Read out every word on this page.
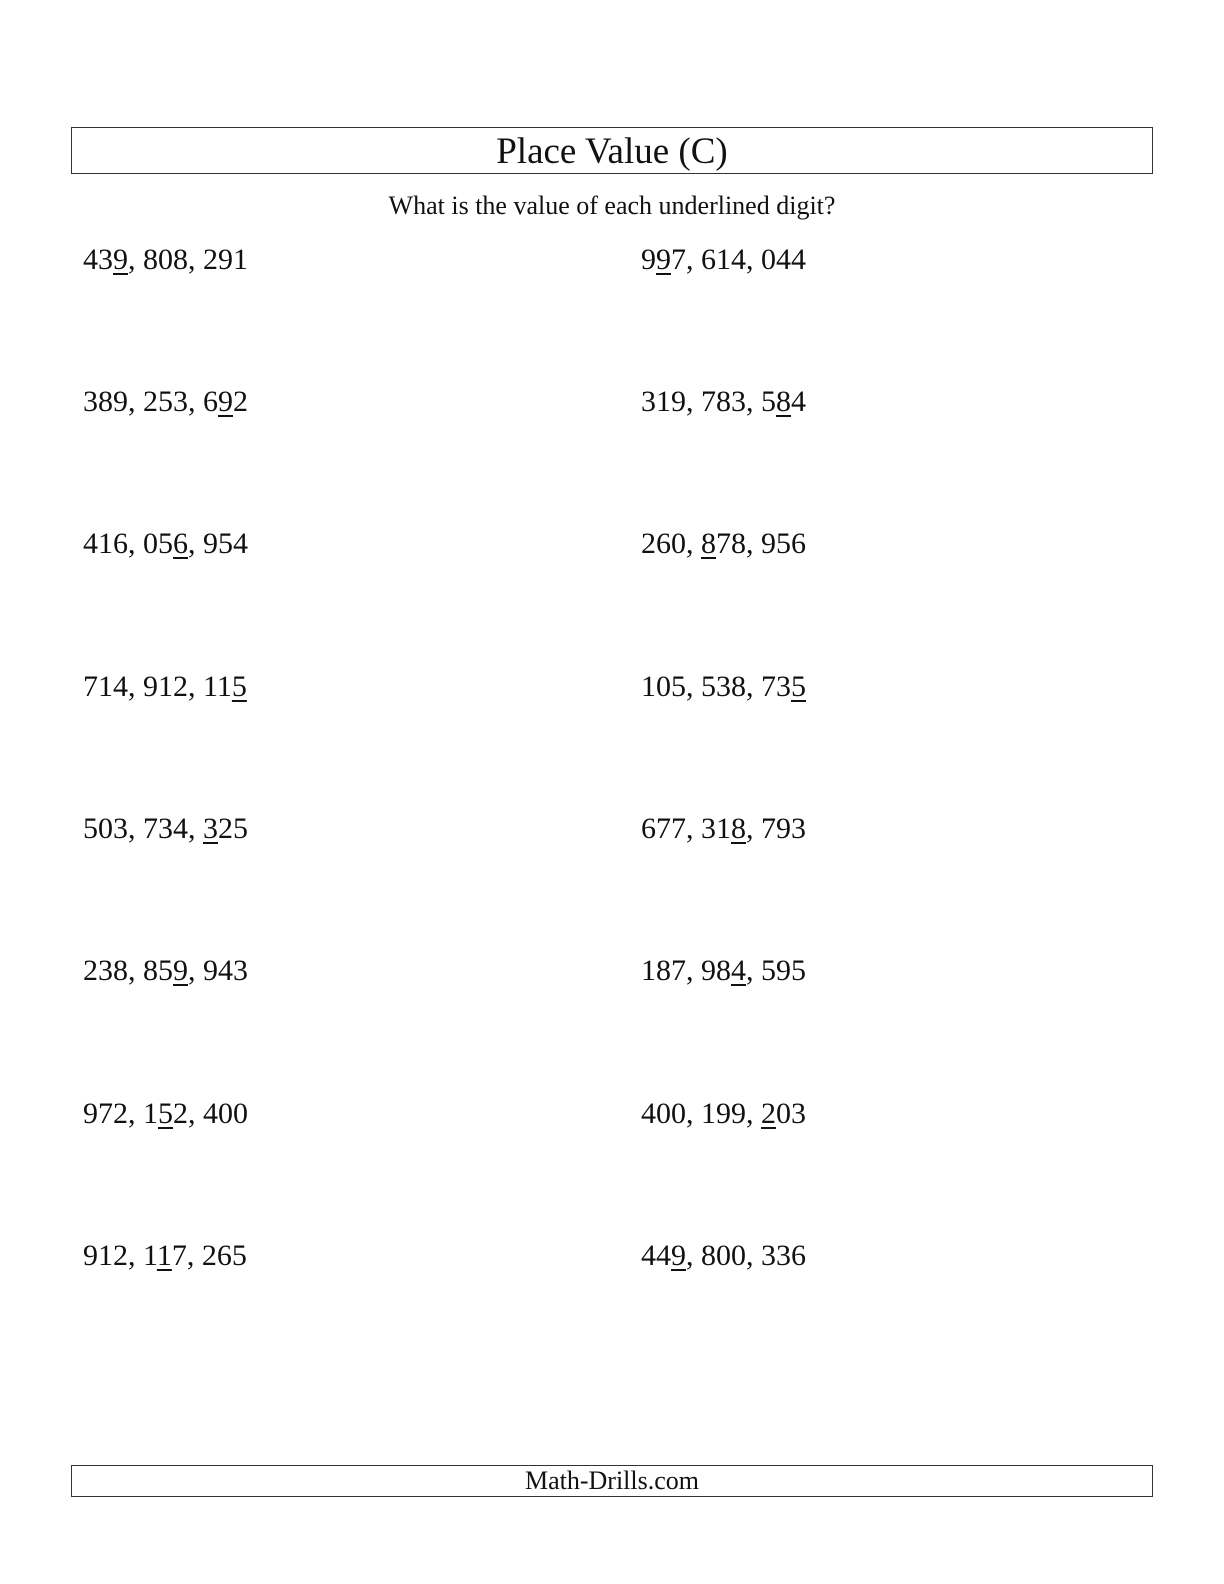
Place Value (C)
What is the value of each underlined digit?
439, 808, 291	997, 614, 044
389, 253, 692	319, 783, 584
416, 056, 954	260, 878, 956
714, 912, 115	105, 538, 735
503, 734, 325	677, 318, 793
238, 859, 943	187, 984, 595
972, 152, 400	400, 199, 203
912, 117, 265	449, 800, 336
Math-Drills.com
